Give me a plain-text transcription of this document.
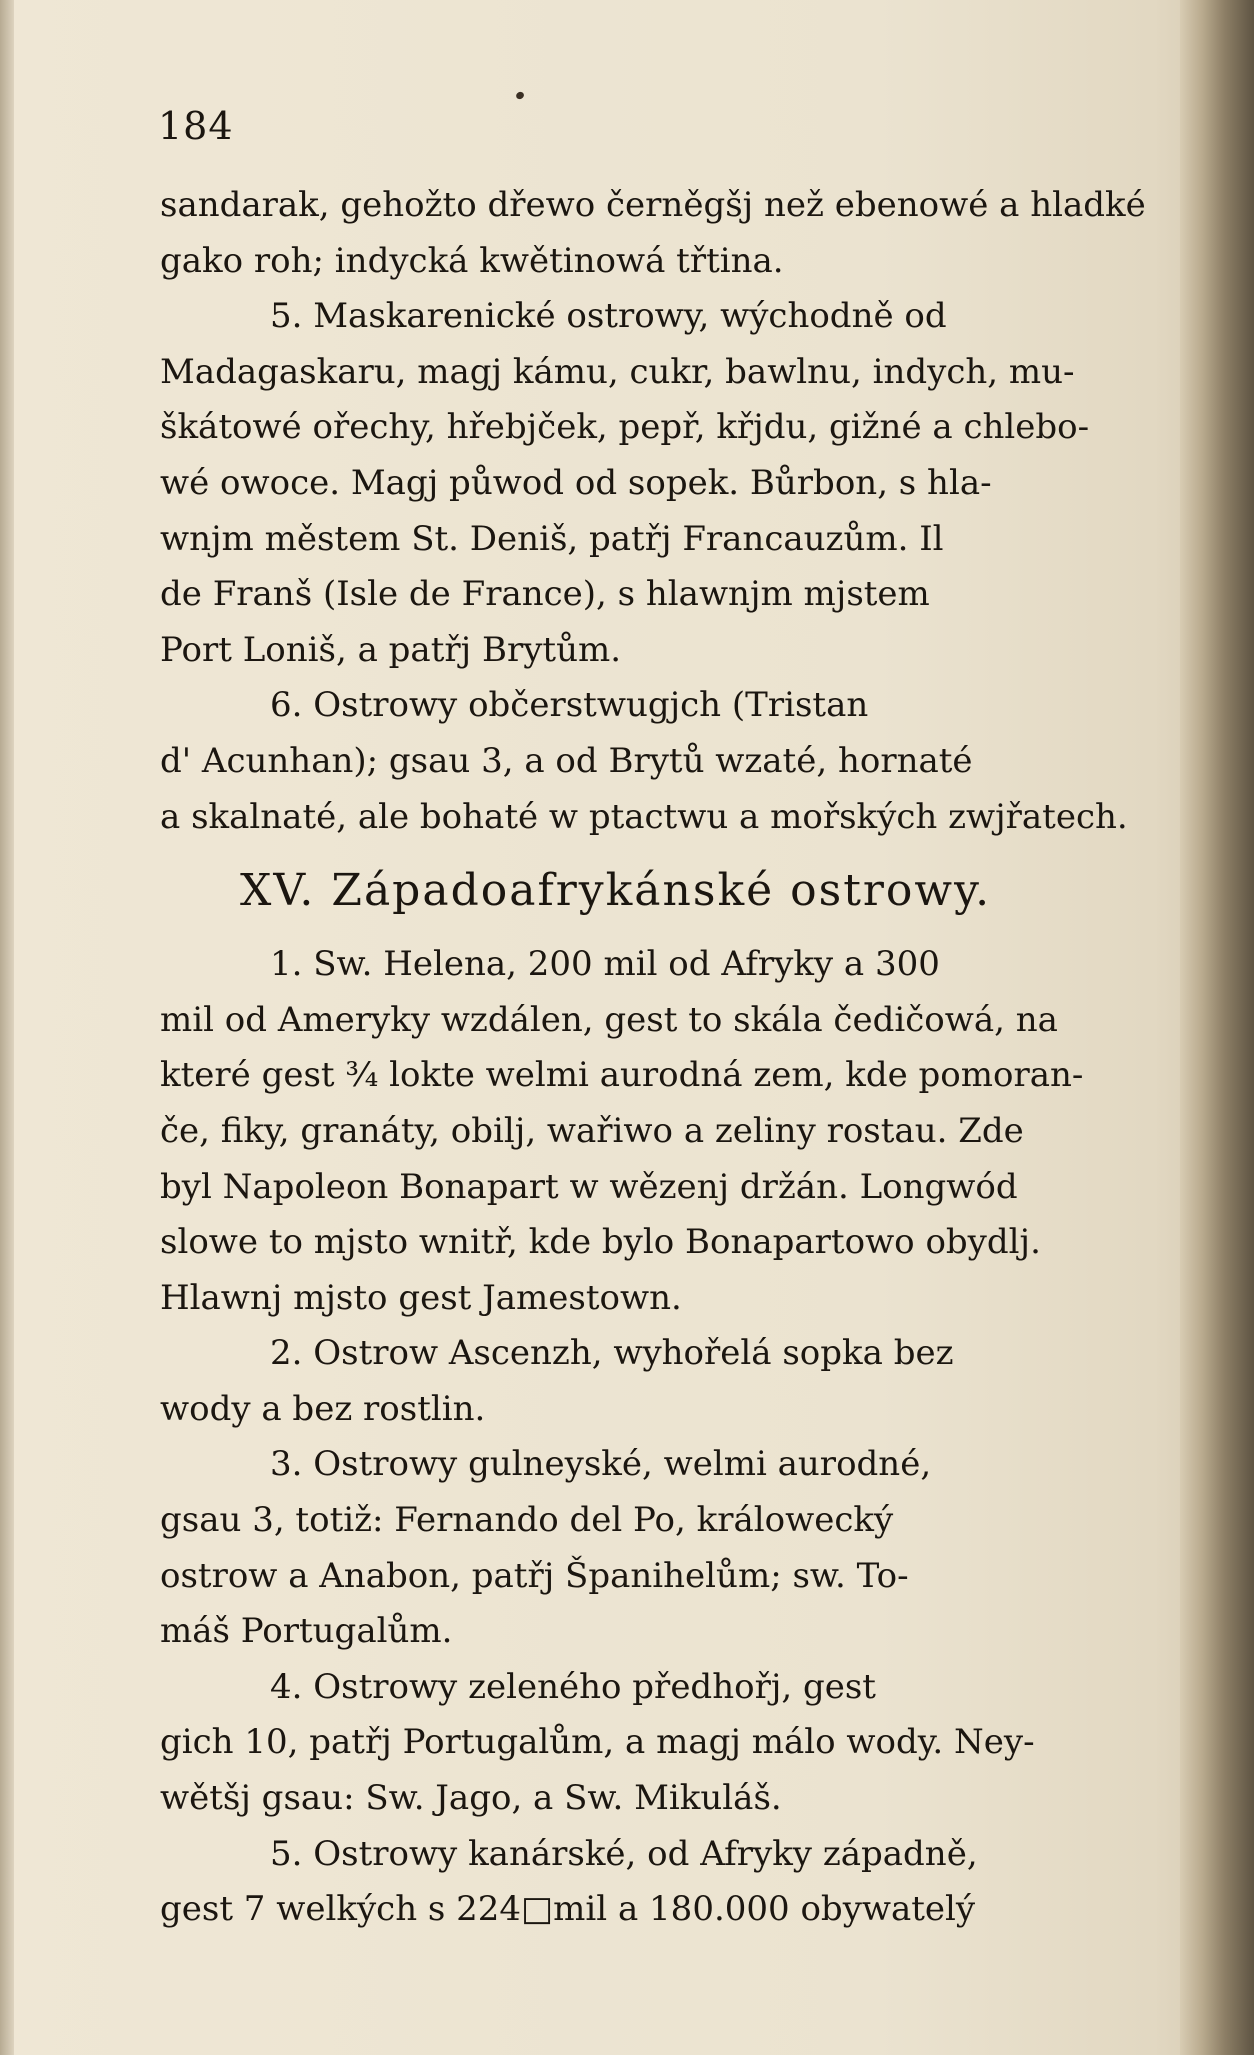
184
sandarak, gehožto dřewo černěgšj než ebenowé a hladké
gako roh; indycká kwětinowá třtina.
5. Maskarenické ostrowy, wýchodně od
Madagaskaru, magj kámu, cukr, bawlnu, indych, mu-
škátowé ořechy, hřebjček, pepř, křjdu, gižné a chlebo-
wé owoce. Magj půwod od sopek. Bůrbon, s hla-
wnjm městem St. Deniš, patřj Francauzům. Il
de Franš (Isle de France), s hlawnjm mjstem
Port Loniš, a patřj Brytům.
6. Ostrowy občerstwugjch (Tristan
d' Acunhan); gsau 3, a od Brytů wzaté, hornaté
a skalnaté, ale bohaté w ptactwu a mořských zwjřatech.
XV. Západoafrykánské ostrowy.
1. Sw. Helena, 200 mil od Afryky a 300
mil od Ameryky wzdálen, gest to skála čedičowá, na
které gest ¾ lokte welmi aurodná zem, kde pomoran-
če, fiky, granáty, obilj, wařiwo a zeliny rostau. Zde
byl Napoleon Bonapart w wězenj držán. Longwód
slowe to mjsto wnitř, kde bylo Bonapartowo obydlj.
Hlawnj mjsto gest Jamestown.
2. Ostrow Ascenzh, wyhořelá sopka bez
wody a bez rostlin.
3. Ostrowy gulneyské, welmi aurodné,
gsau 3, totiž: Fernando del Po, králowecký
ostrow a Anabon, patřj Španihelům; sw. To-
máš Portugalům.
4. Ostrowy zeleného předhořj, gest
gich 10, patřj Portugalům, a magj málo wody. Ney-
wětšj gsau: Sw. Jago, a Sw. Mikuláš.
5. Ostrowy kanárské, od Afryky západně,
gest 7 welkých s 224□mil a 180.000 obywatelý
